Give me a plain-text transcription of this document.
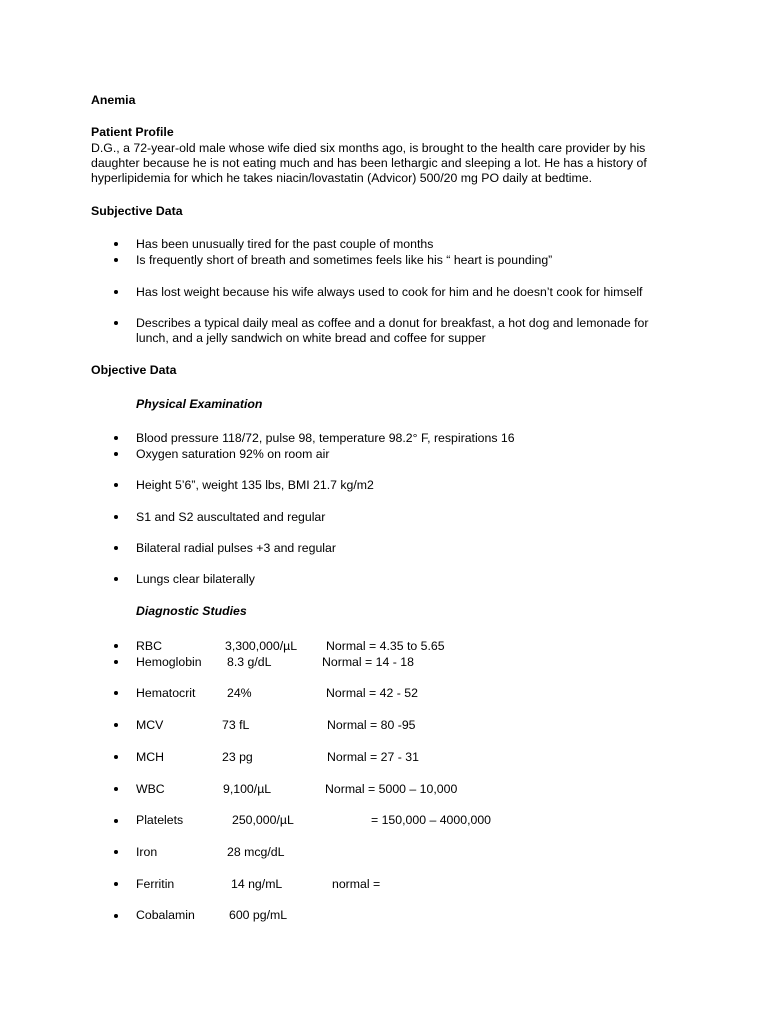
Anemia
Patient Profile
D.G., a 72-year-old male whose wife died six months ago, is brought to the health care provider by his
daughter because he is not eating much and has been lethargic and sleeping a lot. He has a history of
hyperlipidemia for which he takes niacin/lovastatin (Advicor) 500/20 mg PO daily at bedtime.
Subjective Data
Has been unusually tired for the past couple of months
Is frequently short of breath and sometimes feels like his “ heart is pounding”
Has lost weight because his wife always used to cook for him and he doesn’t cook for himself
Describes a typical daily meal as coffee and a donut for breakfast, a hot dog and lemonade for
lunch, and a jelly sandwich on white bread and coffee for supper
Objective Data
Physical Examination
Blood pressure 118/72, pulse 98, temperature 98.2° F, respirations 16
Oxygen saturation 92% on room air
Height 5’6”, weight 135 lbs, BMI 21.7 kg/m2
S1 and S2 auscultated and regular
Bilateral radial pulses +3 and regular
Lungs clear bilaterally
Diagnostic Studies
RBC	3,300,000/µL Normal = 4.35 to 5.65
Hemoglobin 8.3 g/dL	Normal = 14 - 18
Hematocrit	24%	Normal = 42 - 52
MCV	73 fL	Normal = 80 -95
MCH	23 pg	Normal = 27 - 31
WBC	9,100/µL	Normal = 5000 – 10,000
Platelets	250,000/µL	= 150,000 – 4000,000
Iron	28 mcg/dL
Ferritin	14 ng/mL	normal =
Cobalamin	600 pg/mL
